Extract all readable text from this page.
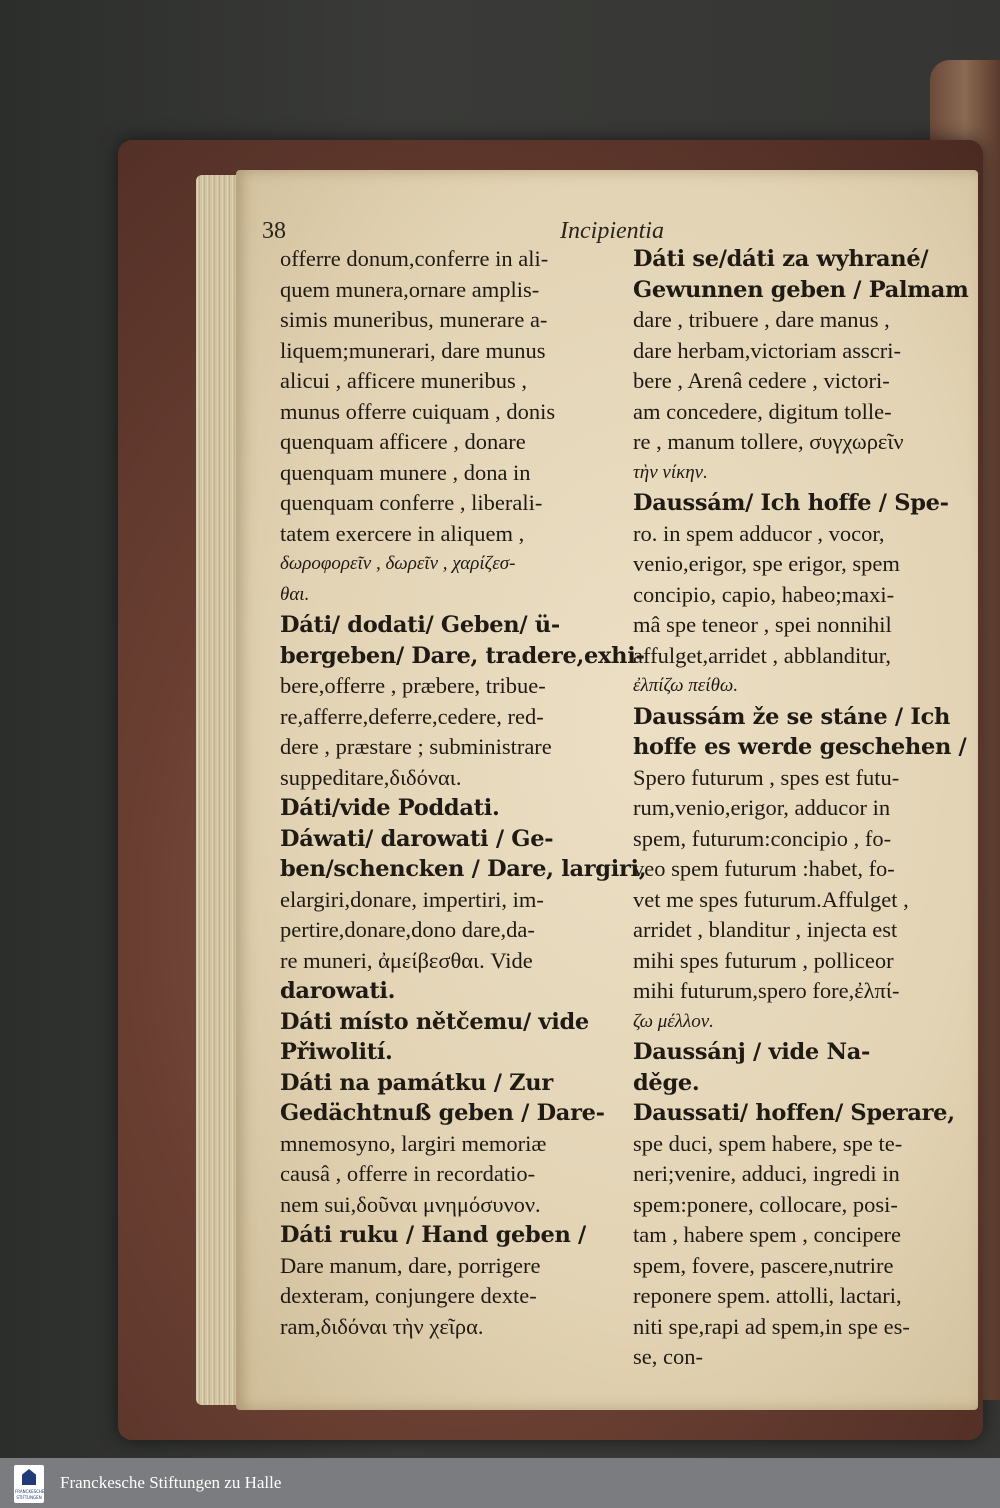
38	Incipientia
offerre donum,conferre in ali-
quem munera,ornare amplis-
simis muneribus, munerare a-
liquem;munerari, dare munus
alicui , afficere muneribus ,
munus offerre cuiquam , donis
quenquam afficere , donare
quenquam munere , dona in
quenquam conferre , liberali-
tatem exercere in aliquem ,
δωροφορεῖν , δωρεῖν , χαρίζεσ-
θαι.
Dáti/ dodati/ Geben/ ü-
bergeben/ Dare, tradere,exhi-
bere,offerre , præbere, tribue-
re,afferre,deferre,cedere, red-
dere , præstare ; subministrare
suppeditare,διδόναι.
Dáti/vide Poddati.
Dáwati/ darowati / Ge-
ben/schencken / Dare, largiri,
elargiri,donare, impertiri, im-
pertire,donare,dono dare,da-
re muneri, ἀμείβεσθαι. Vide
darowati.
Dáti místo nětčemu/ vide
Přiwolití.
Dáti na památku / Zur
Gedächtnuß geben / Dare-
mnemosyno, largiri memoriæ
causâ , offerre in recordatio-
nem sui,δοῦναι μνημόσυνον.
Dáti ruku / Hand geben /
Dare manum, dare, porrigere
dexteram, conjungere dexte-
ram,διδόναι τὴν χεῖρα.
Dáti se/dáti za wyhrané/
Gewunnen geben / Palmam
dare , tribuere , dare manus ,
dare herbam,victoriam asscri-
bere , Arenâ cedere , victori-
am concedere, digitum tolle-
re , manum tollere, συγχωρεῖν
τὴν νίκην.
Daussám/ Ich hoffe / Spe-
ro. in spem adducor , vocor,
venio,erigor, spe erigor, spem
concipio, capio, habeo;maxi-
mâ spe teneor , spei nonnihil
affulget,arridet , abblanditur,
ἐλπίζω πείθω.
Daussám že se stáne / Ich
hoffe es werde geschehen /
Spero futurum , spes est futu-
rum,venio,erigor, adducor in
spem, futurum:concipio , fo-
veo spem futurum :habet, fo-
vet me spes futurum.Affulget ,
arridet , blanditur , injecta est
mihi spes futurum , polliceor
mihi futurum,spero fore,ἐλπί-
ζω μέλλον.
Daussánj / vide Na-
děge.
Daussati/ hoffen/ Sperare,
spe duci, spem habere, spe te-
neri;venire, adduci, ingredi in
spem:ponere, collocare, posi-
tam , habere spem , concipere
spem, fovere, pascere,nutrire
reponere spem. attolli, lactari,
niti spe,rapi ad spem,in spe es-
se, con-
FRANCKESCHE
STIFTUNGEN
Franckesche Stiftungen zu Halle
